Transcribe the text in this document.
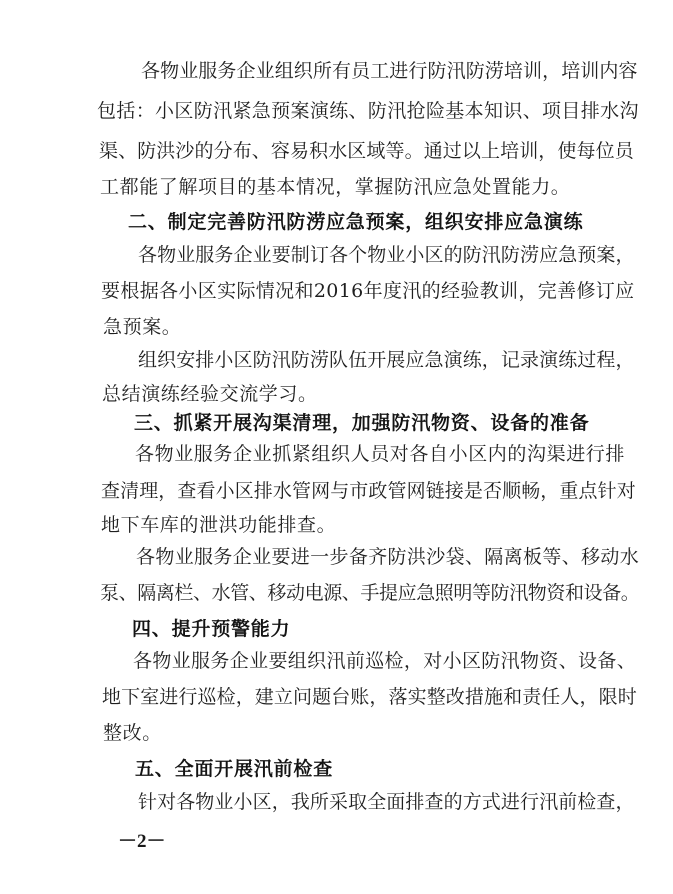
各物业服务企业组织所有员工进行防汛防涝培训，培训内容
包括：小区防汛紧急预案演练、防汛抢险基本知识、项目排水沟
渠、防洪沙的分布、容易积水区域等。通过以上培训，使每位员
工都能了解项目的基本情况，掌握防汛应急处置能力。
二、制定完善防汛防涝应急预案，组织安排应急演练
各物业服务企业要制订各个物业小区的防汛防涝应急预案，
要根据各小区实际情况和2016年度汛的经验教训，完善修订应
急预案。
组织安排小区防汛防涝队伍开展应急演练，记录演练过程，
总结演练经验交流学习。
三、抓紧开展沟渠清理，加强防汛物资、设备的准备
各物业服务企业抓紧组织人员对各自小区内的沟渠进行排
查清理，查看小区排水管网与市政管网链接是否顺畅，重点针对
地下车库的泄洪功能排查。
各物业服务企业要进一步备齐防洪沙袋、隔离板等、移动水
泵、隔离栏、水管、移动电源、手提应急照明等防汛物资和设备。
四、提升预警能力
各物业服务企业要组织汛前巡检，对小区防汛物资、设备、
地下室进行巡检，建立问题台账，落实整改措施和责任人，限时
整改。
五、全面开展汛前检查
针对各物业小区，我所采取全面排查的方式进行汛前检查，
－2－
